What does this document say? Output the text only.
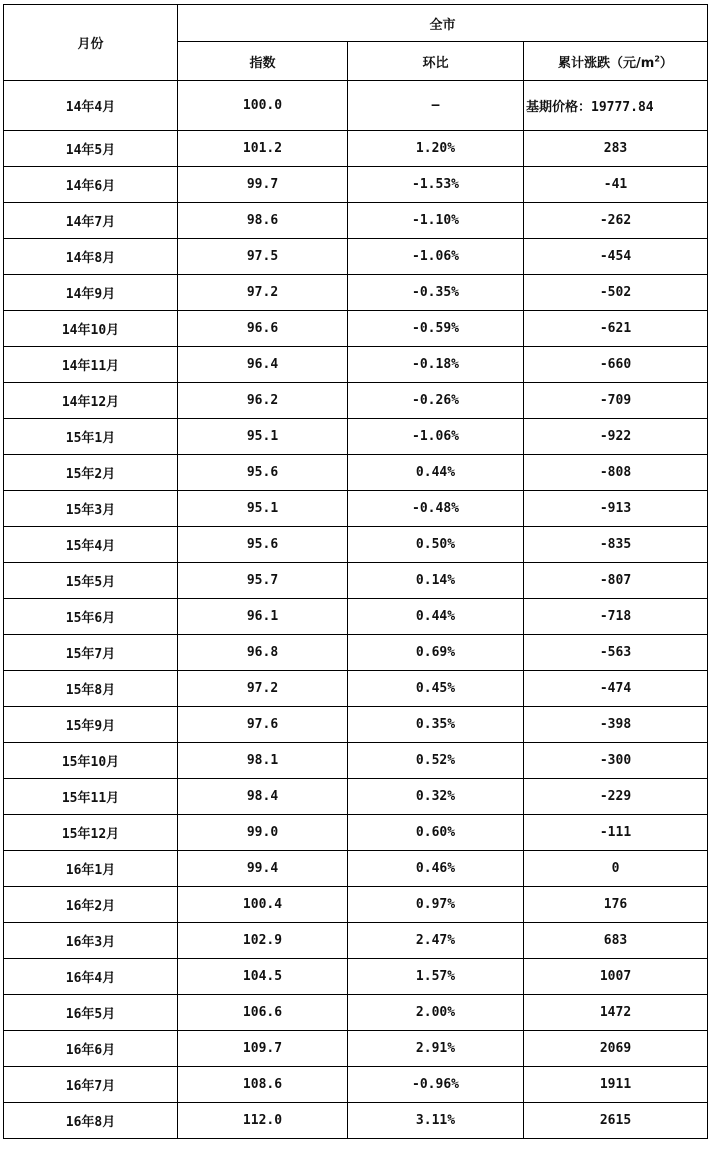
月份	全市		
	指数	环比	累计涨跌（元$/m^2$）
14年4月	100.0	—	基期价格：19777.84
14年5月	101.2	1.20%	283
14年6月	99.7	-1.53%	-41
14年7月	98.6	-1.10%	-262
14年8月	97.5	-1.06%	-454
14年9月	97.2	-0.35%	-502
14年10月	96.6	-0.59%	-621
14年11月	96.4	-0.18%	-660
14年12月	96.2	-0.26%	-709
15年1月	95.1	-1.06%	-922
15年2月	95.6	0.44%	-808
15年3月	95.1	-0.48%	-913
15年4月	95.6	0.50%	-835
15年5月	95.7	0.14%	-807
15年6月	96.1	0.44%	-718
15年7月	96.8	0.69%	-563
15年8月	97.2	0.45%	-474
15年9月	97.6	0.35%	-398
15年10月	98.1	0.52%	-300
15年11月	98.4	0.32%	-229
15年12月	99.0	0.60%	-111
16年1月	99.4	0.46%	0
16年2月	100.4	0.97%	176
16年3月	102.9	2.47%	683
16年4月	104.5	1.57%	1007
16年5月	106.6	2.00%	1472
16年6月	109.7	2.91%	2069
16年7月	108.6	-0.96%	1911
16年8月	112.0	3.11%	2615
